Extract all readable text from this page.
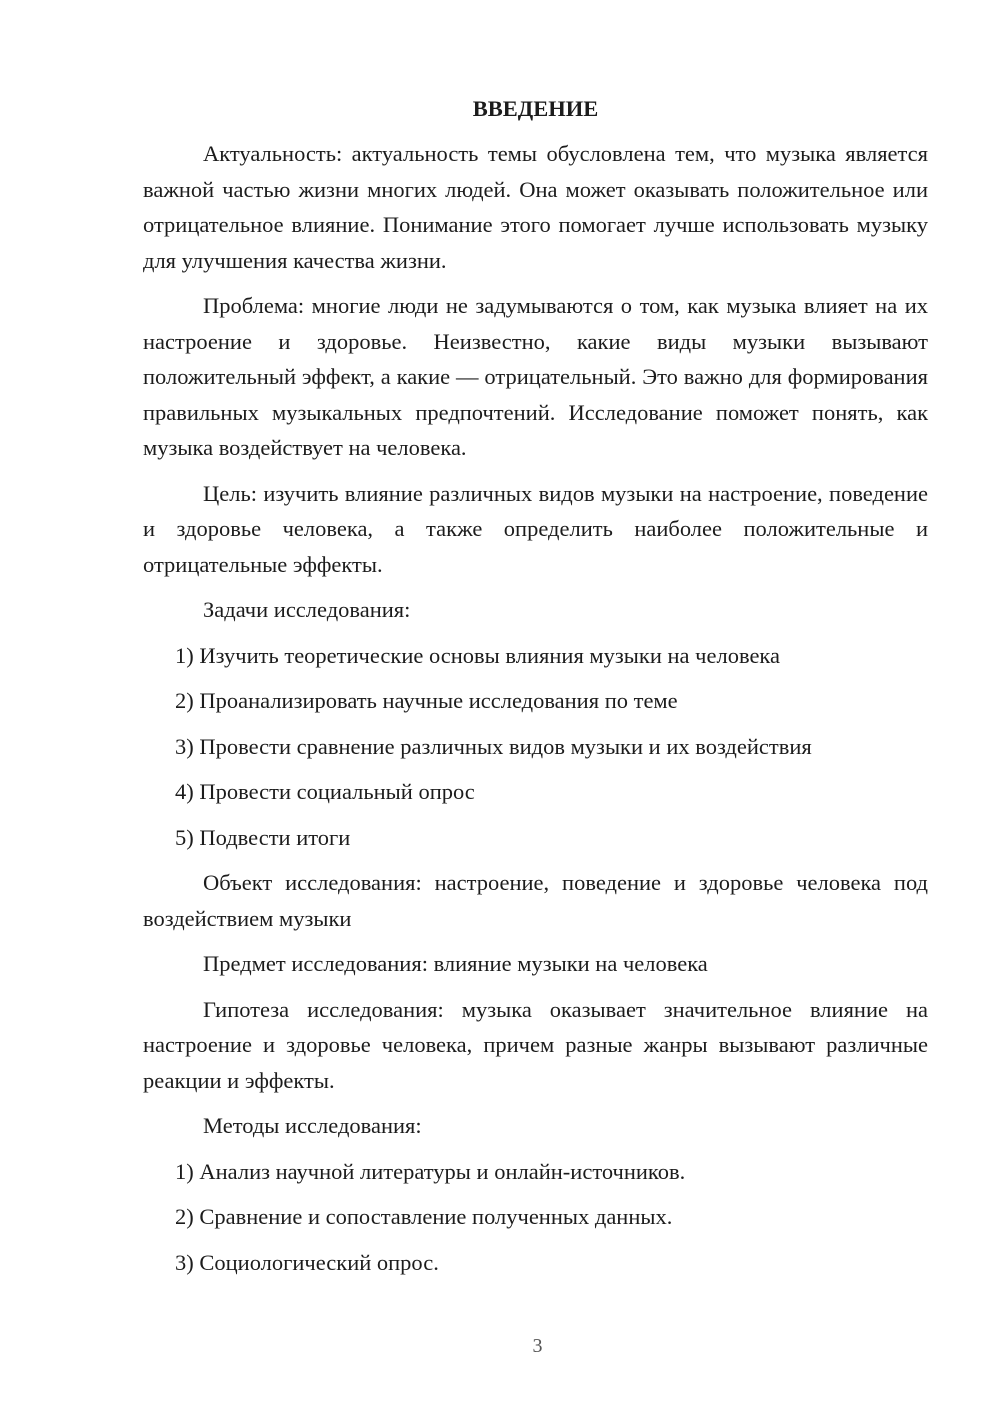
ВВЕДЕНИЕ

Актуальность: актуальность темы обусловлена тем, что музыка является важной частью жизни многих людей. Она может оказывать положительное или отрицательное влияние. Понимание этого помогает лучше использовать музыку для улучшения качества жизни.

Проблема: многие люди не задумываются о том, как музыка влияет на их настроение и здоровье. Неизвестно, какие виды музыки вызывают положительный эффект, а какие — отрицательный. Это важно для формирования правильных музыкальных предпочтений. Исследование поможет понять, как музыка воздействует на человека.

Цель: изучить влияние различных видов музыки на настроение, поведение и здоровье человека, а также определить наиболее положительные и отрицательные эффекты.

Задачи исследования:

1) Изучить теоретические основы влияния музыки на человека

2) Проанализировать научные исследования по теме

3) Провести сравнение различных видов музыки и их воздействия

4) Провести социальный опрос

5) Подвести итоги

Объект исследования: настроение, поведение и здоровье человека под воздействием музыки

Предмет исследования: влияние музыки на человека

Гипотеза исследования: музыка оказывает значительное влияние на настроение и здоровье человека, причем разные жанры вызывают различные реакции и эффекты.

Методы исследования:

1) Анализ научной литературы и онлайн-источников.

2) Сравнение и сопоставление полученных данных.

3) Социологический опрос.

3
